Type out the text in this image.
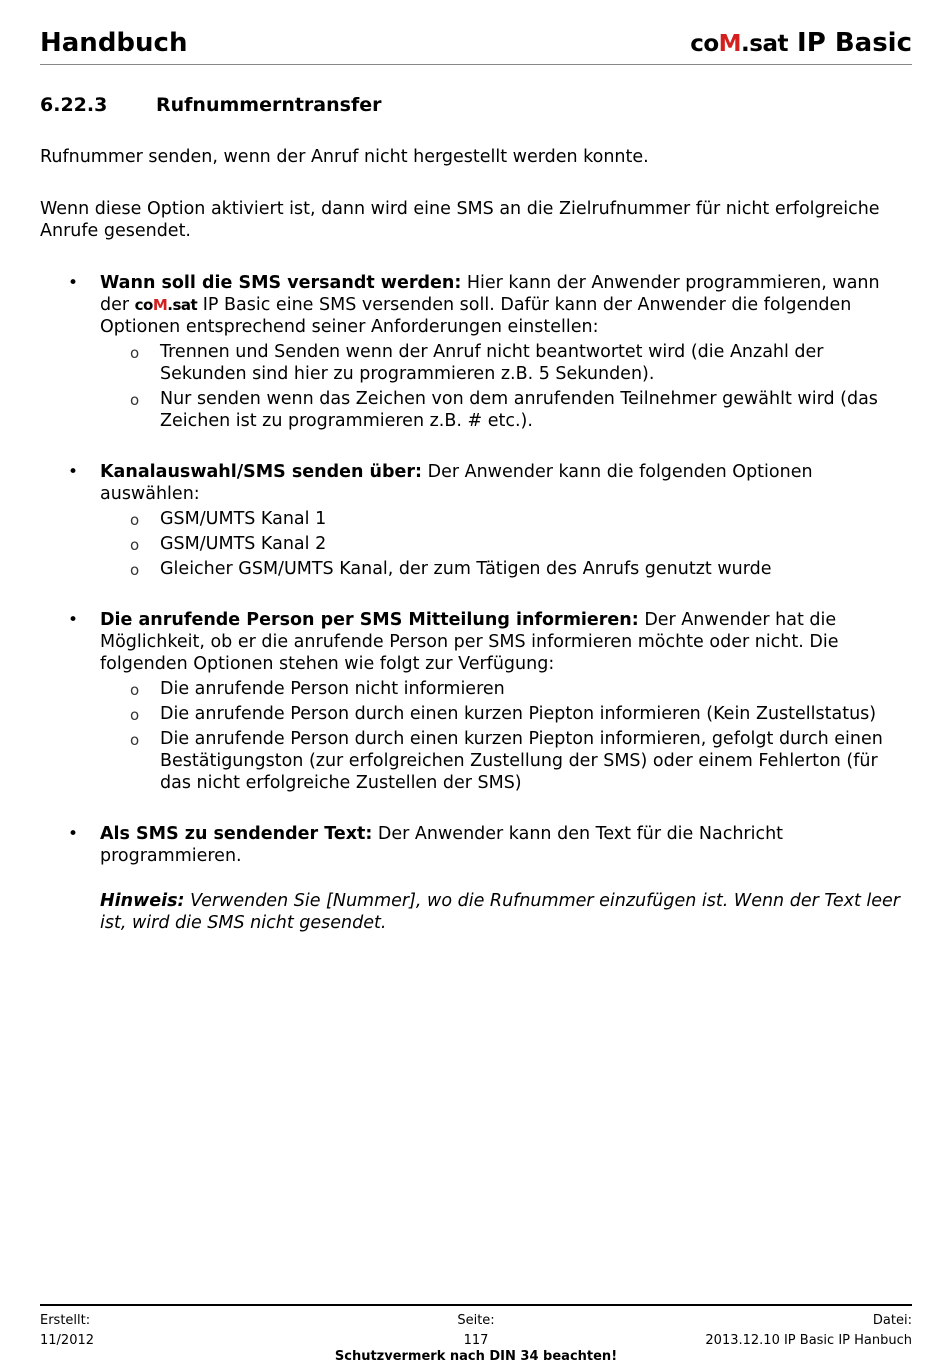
Handbuch	coM.sat IP Basic
6.22.3	Rufnummerntransfer

Rufnummer senden, wenn der Anruf nicht hergestellt werden konnte.

Wenn diese Option aktiviert ist, dann wird eine SMS an die Zielrufnummer für nicht erfolgreiche Anrufe gesendet.

• Wann soll die SMS versandt werden: Hier kann der Anwender programmieren, wann der coM.sat IP Basic eine SMS versenden soll. Dafür kann der Anwender die folgenden Optionen entsprechend seiner Anforderungen einstellen:
o Trennen und Senden wenn der Anruf nicht beantwortet wird (die Anzahl der Sekunden sind hier zu programmieren z.B. 5 Sekunden).
o Nur senden wenn das Zeichen von dem anrufenden Teilnehmer gewählt wird (das Zeichen ist zu programmieren z.B. # etc.).
• Kanalauswahl/SMS senden über: Der Anwender kann die folgenden Optionen auswählen:
o GSM/UMTS Kanal 1
o GSM/UMTS Kanal 2
o Gleicher GSM/UMTS Kanal, der zum Tätigen des Anrufs genutzt wurde
• Die anrufende Person per SMS Mitteilung informieren: Der Anwender hat die Möglichkeit, ob er die anrufende Person per SMS informieren möchte oder nicht. Die folgenden Optionen stehen wie folgt zur Verfügung:
o Die anrufende Person nicht informieren
o Die anrufende Person durch einen kurzen Piepton informieren (Kein Zustellstatus)
o Die anrufende Person durch einen kurzen Piepton informieren, gefolgt durch einen Bestätigungston (zur erfolgreichen Zustellung der SMS) oder einem Fehlerton (für das nicht erfolgreiche Zustellen der SMS)
• Als SMS zu sendender Text: Der Anwender kann den Text für die Nachricht programmieren.

Hinweis: Verwenden Sie [Nummer], wo die Rufnummer einzufügen ist. Wenn der Text leer ist, wird die SMS nicht gesendet.

Erstellt:
11/2012
Seite:
117
Datei:
2013.12.10 IP Basic IP Hanbuch
Schutzvermerk nach DIN 34 beachten!
